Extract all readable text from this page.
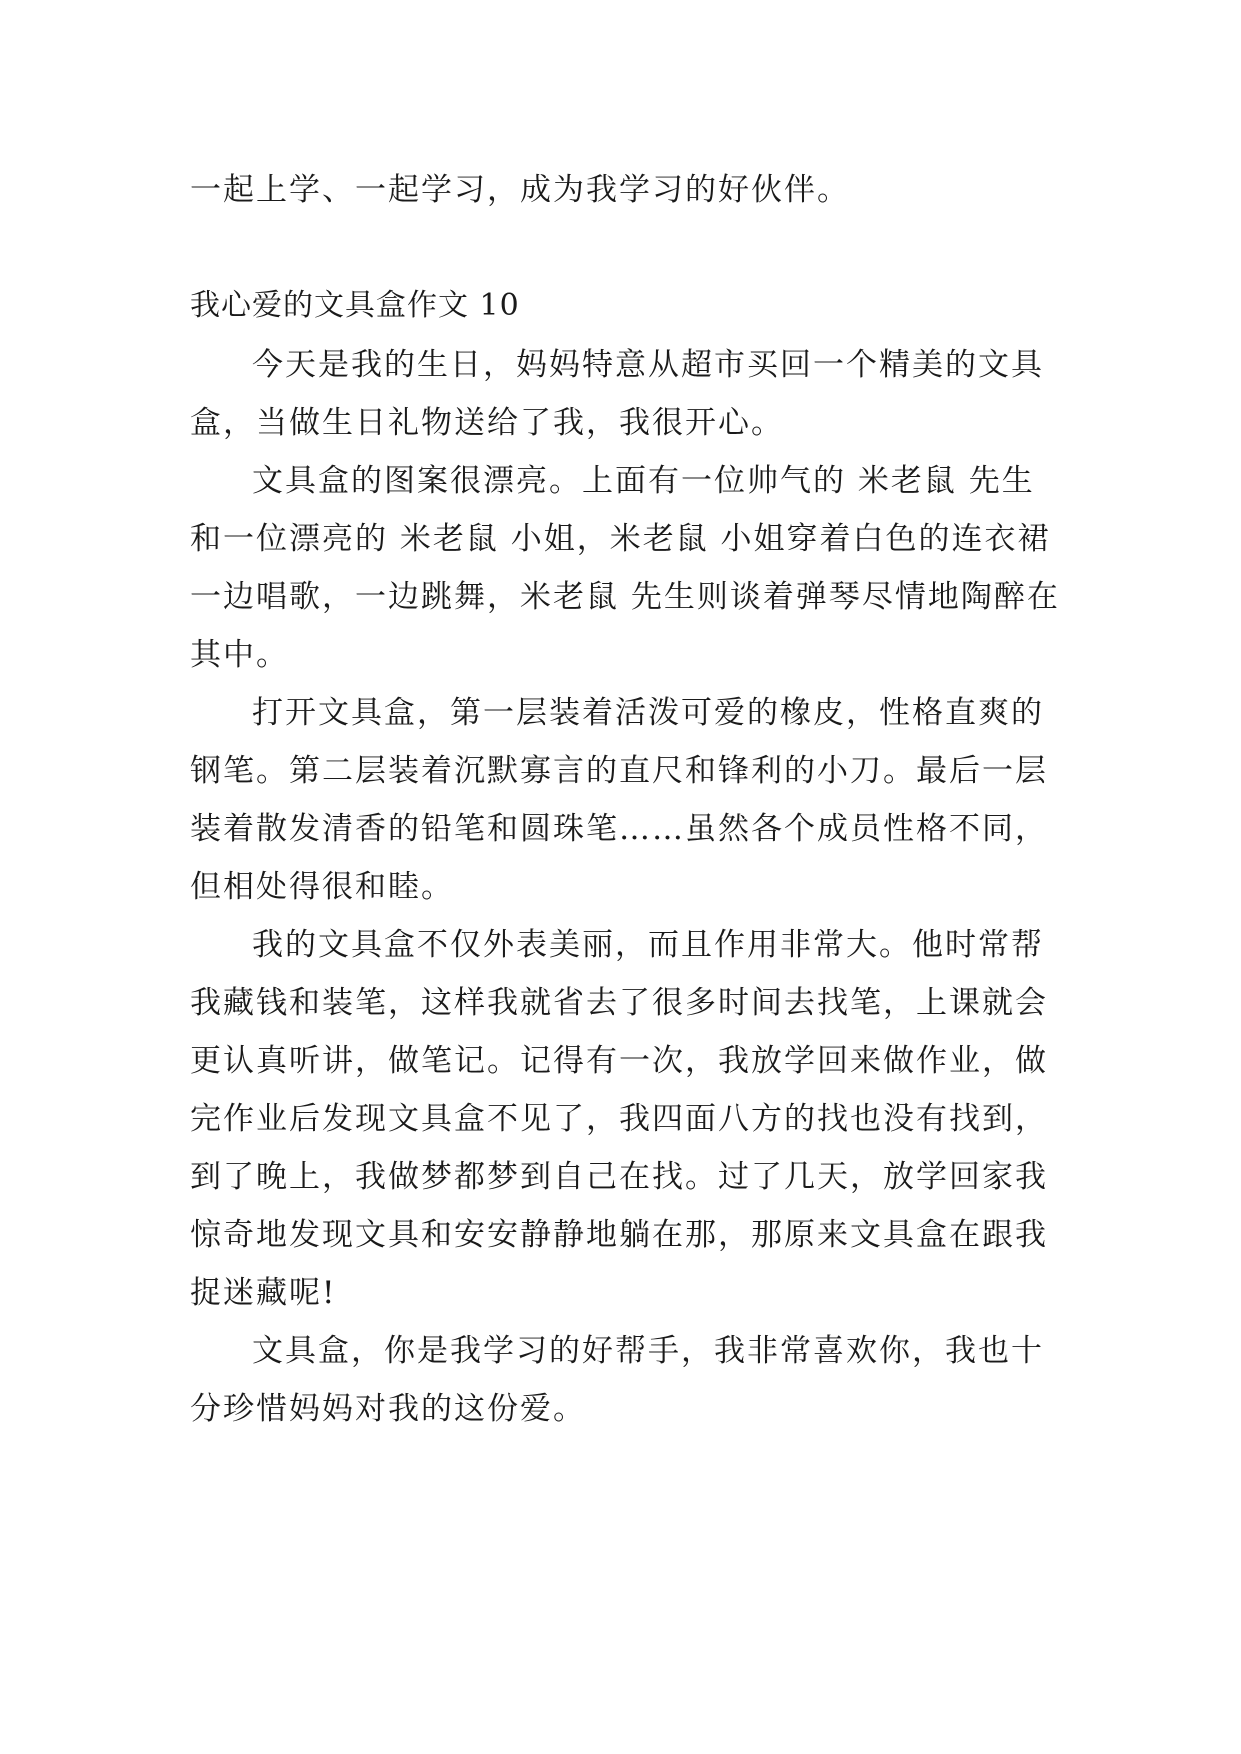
一起上学、一起学习，成为我学习的好伙伴。

我心爱的文具盒作文 10

今天是我的生日，妈妈特意从超市买回一个精美的文具盒，当做生日礼物送给了我，我很开心。

文具盒的图案很漂亮。上面有一位帅气的 米老鼠 先生和一位漂亮的 米老鼠 小姐，米老鼠 小姐穿着白色的连衣裙一边唱歌，一边跳舞，米老鼠 先生则谈着弹琴尽情地陶醉在其中。

打开文具盒，第一层装着活泼可爱的橡皮，性格直爽的钢笔。第二层装着沉默寡言的直尺和锋利的小刀。最后一层装着散发清香的铅笔和圆珠笔……虽然各个成员性格不同，但相处得很和睦。

我的文具盒不仅外表美丽，而且作用非常大。他时常帮我藏钱和装笔，这样我就省去了很多时间去找笔，上课就会更认真听讲，做笔记。记得有一次，我放学回来做作业，做完作业后发现文具盒不见了，我四面八方的找也没有找到，到了晚上，我做梦都梦到自己在找。过了几天，放学回家我惊奇地发现文具和安安静静地躺在那，那原来文具盒在跟我捉迷藏呢!

文具盒，你是我学习的好帮手，我非常喜欢你，我也十分珍惜妈妈对我的这份爱。
